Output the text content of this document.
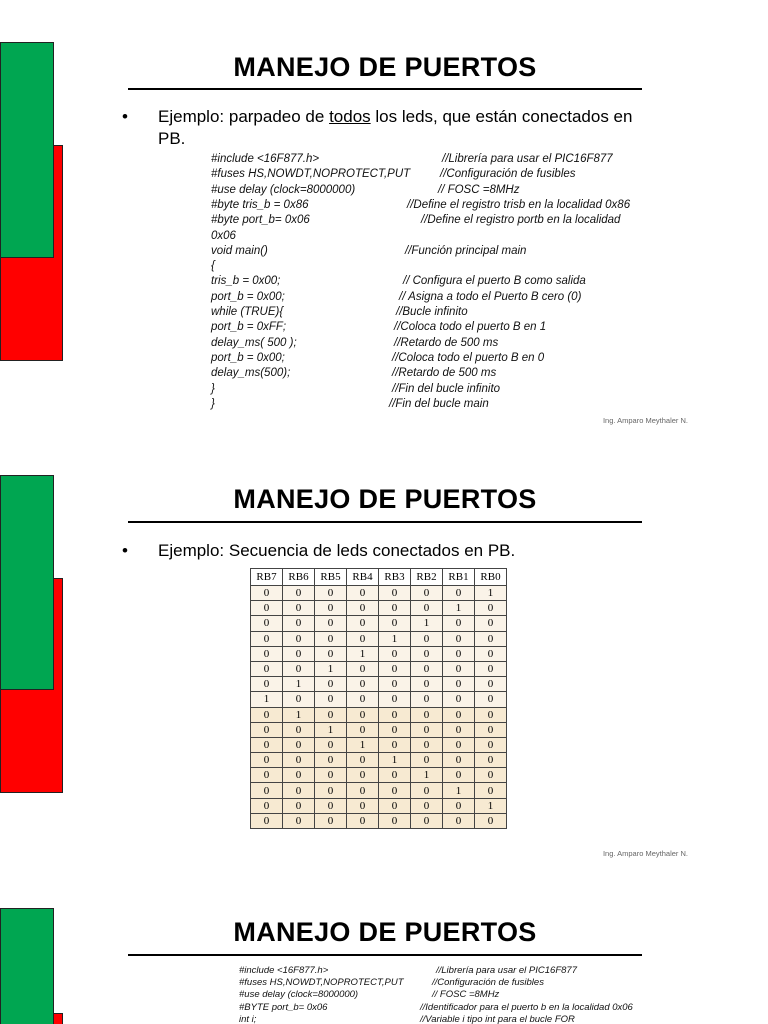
MANEJO DE PUERTOS
• Ejemplo: parpadeo de todos los leds, que están conectados en PB.
#include <16F877.h>	//Librería para usar el PIC16F877
#fuses HS,NOWDT,NOPROTECT,PUT	//Configuración de fusibles
#use delay (clock=8000000)	// FOSC =8MHz
#byte tris_b = 0x86	//Define el registro trisb en la localidad 0x86
#byte port_b= 0x06	//Define el registro portb en la localidad
0x06
void main()	//Función principal main
{
tris_b = 0x00;	// Configura el puerto B como salida
port_b = 0x00;	// Asigna a todo el Puerto B cero (0)
while (TRUE){	//Bucle infinito
port_b = 0xFF;	//Coloca todo el puerto B en 1
delay_ms( 500 );	//Retardo de 500 ms
port_b = 0x00;	//Coloca todo el puerto B en 0
delay_ms(500);	//Retardo de 500 ms
}	//Fin del bucle infinito
}	//Fin del bucle main
Ing. Amparo Meythaler N.
MANEJO DE PUERTOS
• Ejemplo: Secuencia de leds conectados en PB.
Ing. Amparo Meythaler N.
RB7	RB6	RB5	RB4	RB3	RB2	RB1	RB0
0	0	0	0	0	0	0	1
0	0	0	0	0	0	1	0
0	0	0	0	0	1	0	0
0	0	0	0	1	0	0	0
0	0	0	1	0	0	0	0
0	0	1	0	0	0	0	0
0	1	0	0	0	0	0	0
1	0	0	0	0	0	0	0
0	1	0	0	0	0	0	0
0	0	1	0	0	0	0	0
0	0	0	1	0	0	0	0
0	0	0	0	1	0	0	0
0	0	0	0	0	1	0	0
0	0	0	0	0	0	1	0
0	0	0	0	0	0	0	1
0	0	0	0	0	0	0	0
MANEJO DE PUERTOS
#include <16F877.h>	//Librería para usar el PIC16F877
#fuses HS,NOWDT,NOPROTECT,PUT	//Configuración de fusibles
#use delay (clock=8000000)	// FOSC =8MHz
#BYTE port_b= 0x06	//Identificador para el puerto b en la localidad 0x06
int i;	//Variable i tipo int para el bucle FOR
